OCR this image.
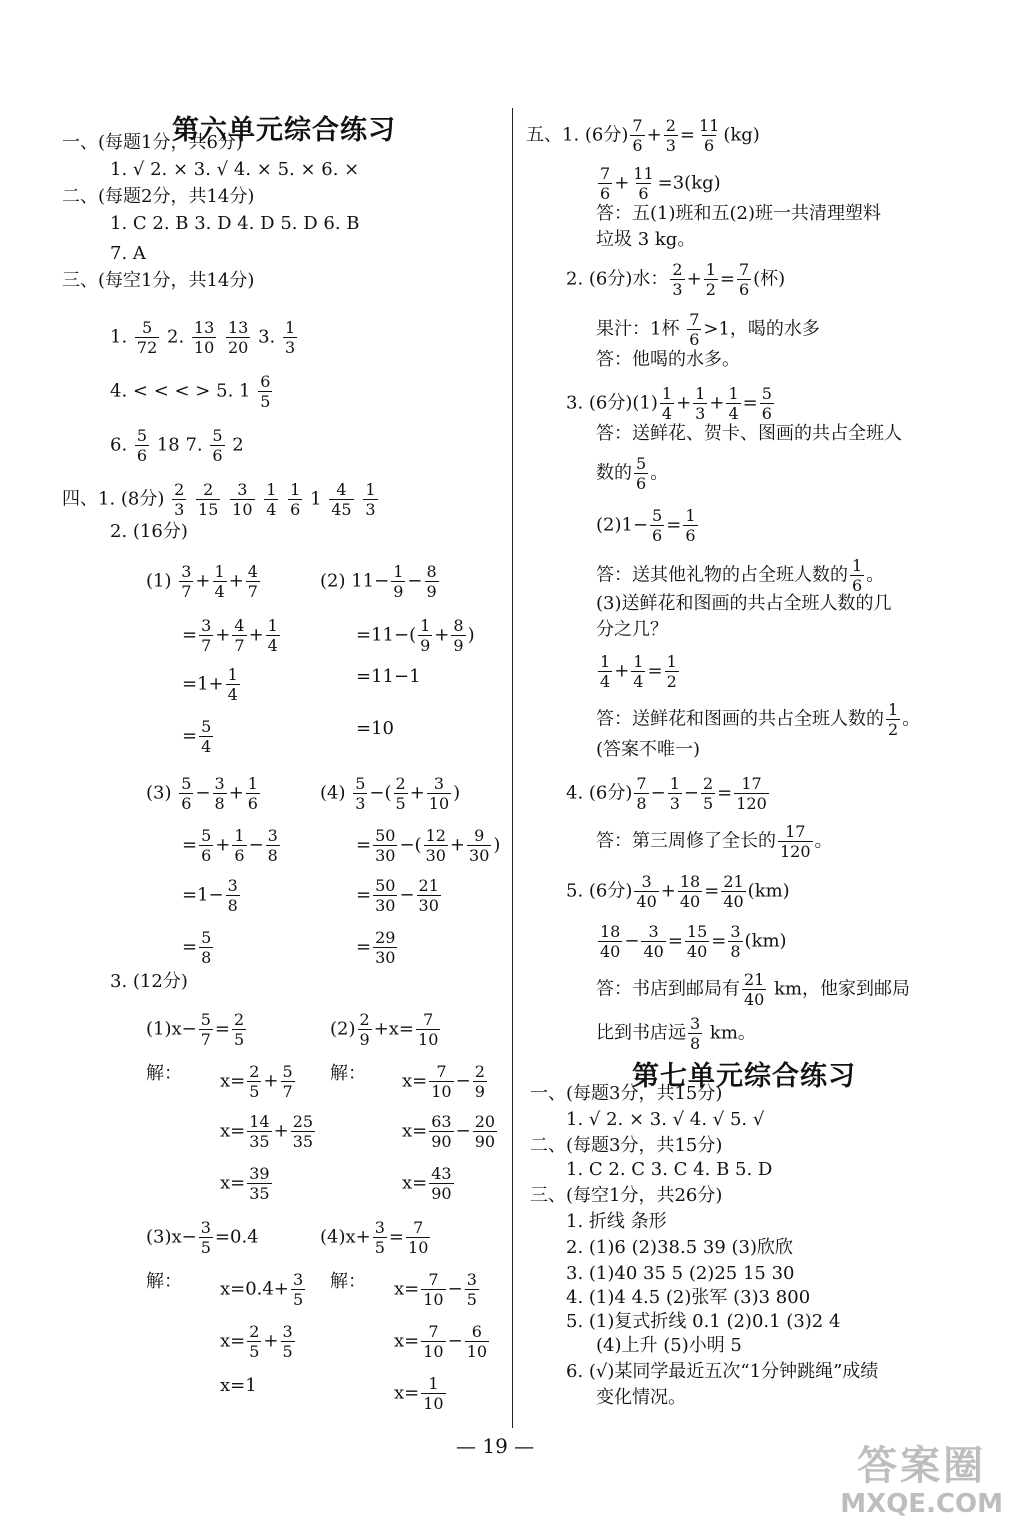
第六单元综合练习
一、(每题1分，共6分)
1. √ 2. × 3. √ 4. × 5. × 6. ×
二、(每题2分，共14分)
1. C 2. B 3. D 4. D 5. D 6. B
7. A
三、(每空1分，共14分)
1. $\frac{5}{72} 2$. $\frac{13}{10}$
$\frac{13}{20} 3$. $\frac{1}{3}$
4. < < < > 5. $1 \frac{6}{5}$
6. $\frac{5}{6} 18$ 7. $\frac{5}{6} 2$
四、1. (8分) $\frac{2}{3}$
$\frac{2}{15}$
$\frac{3}{10}$
$\frac{1}{4}$
$\frac{1}{6} 1 \frac{4}{45}$
$\frac{1}{3}$
2. (16分)
$(1) \frac{3}{7} + \frac{1}{4} + \frac{4}{7}$	(2) $11- \frac{1}{9} - \frac{8}{9}$
= $\frac{3}{7} + \frac{4}{7} + \frac{1}{4}$	$=11-( \frac{1}{9} + \frac{8}{9}$ )
$=1+ \frac{1}{4}$	=11−1
= $\frac{5}{4}$	=10
$(3) \frac{5}{6} - \frac{3}{8} + \frac{1}{6}$	$(4) \frac{5}{3}$ −( $\frac{2}{5} + \frac{3}{10}$ )
= $\frac{5}{6} + \frac{1}{6} - \frac{3}{8}$	= $\frac{50}{30}$ −( $\frac{12}{30} + \frac{9}{30}$ )
$=1- \frac{3}{8}$	= $\frac{50}{30} - \frac{21}{30}$
= $\frac{5}{8}$	= $\frac{29}{30}$
3. (12分)
$(1)x- \frac{5}{7} = \frac{2}{5}$	$(2) \frac{2}{9} +x= \frac{7}{10}$
解： $x= \frac{2}{5} + \frac{5}{7}$ 解： $x= \frac{7}{10} - \frac{2}{9}$
$x= \frac{14}{35} + \frac{25}{35}$	$x= \frac{63}{90} - \frac{20}{90}$
$x= \frac{39}{35}$	$x= \frac{43}{90}$
$(3)x- \frac{3}{5} =0.4$	$(4)x+ \frac{3}{5} = \frac{7}{10}$
解： $x=0.4+ \frac{3}{5}$ 解： $x= \frac{7}{10} - \frac{3}{5}$
$x= \frac{2}{5} + \frac{3}{5}$	$x= \frac{7}{10} - \frac{6}{10}$
x=1	$x= \frac{1}{10}$
五、1. (6分) $\frac{7}{6} + \frac{2}{3} = \frac{11}{6} (kg)$
$\frac{7}{6} + \frac{11}{6} =3(kg)$
答：五(1)班和五(2)班一共清理塑料
垃圾 3 kg。
2. (6分)水： $\frac{2}{3} + \frac{1}{2} = \frac{7}{6}$ (杯)
果汁：1杯 $\frac{7}{6} >1$，喝的水多
答：他喝的水多。
3. (6分)$(1) \frac{1}{4} + \frac{1}{3} + \frac{1}{4} = \frac{5}{6}$
答：送鲜花、贺卡、图画的共占全班人
数的 $\frac{5}{6}$ 。
$(2)1- \frac{5}{6} = \frac{1}{6}$
答：送其他礼物的占全班人数的 $\frac{1}{6}$ 。
(3)送鲜花和图画的共占全班人数的几
分之几？
$\frac{1}{4} + \frac{1}{4} = \frac{1}{2}$
答：送鲜花和图画的共占全班人数的 $\frac{1}{2}$ 。
(答案不唯一)
4. (6分) $\frac{7}{8} - \frac{1}{3} - \frac{2}{5} = \frac{17}{120}$
答：第三周修了全长的 $\frac{17}{120}$ 。
5. (6分) $\frac{3}{40} + \frac{18}{40} = \frac{21}{40} (km)$
$\frac{18}{40} - \frac{3}{40} = \frac{15}{40} = \frac{3}{8} (km)$
答：书店到邮局有 $\frac{21}{40}$ km，他家到邮局
比到书店远 $\frac{3}{8}$ km。
第七单元综合练习
一、(每题3分，共15分)
1. √ 2. × 3. √ 4. √ 5. √
二、(每题3分，共15分)
1. C 2. C 3. C 4. B 5. D
三、(每空1分，共26分)
1. 折线 条形
2. (1)6 (2)38.5 39 (3)欣欣
3. (1)40 35 5 (2)25 15 30
4. (1)4 4.5 (2)张军 (3)3 800
5. (1)复式折线 0.1 (2)0.1 (3)2 4
(4)上升 (5)小明 5
6. (√)某同学最近五次“1分钟跳绳”成绩
变化情况。
— 19 —	答案圈
MXQE.COM
